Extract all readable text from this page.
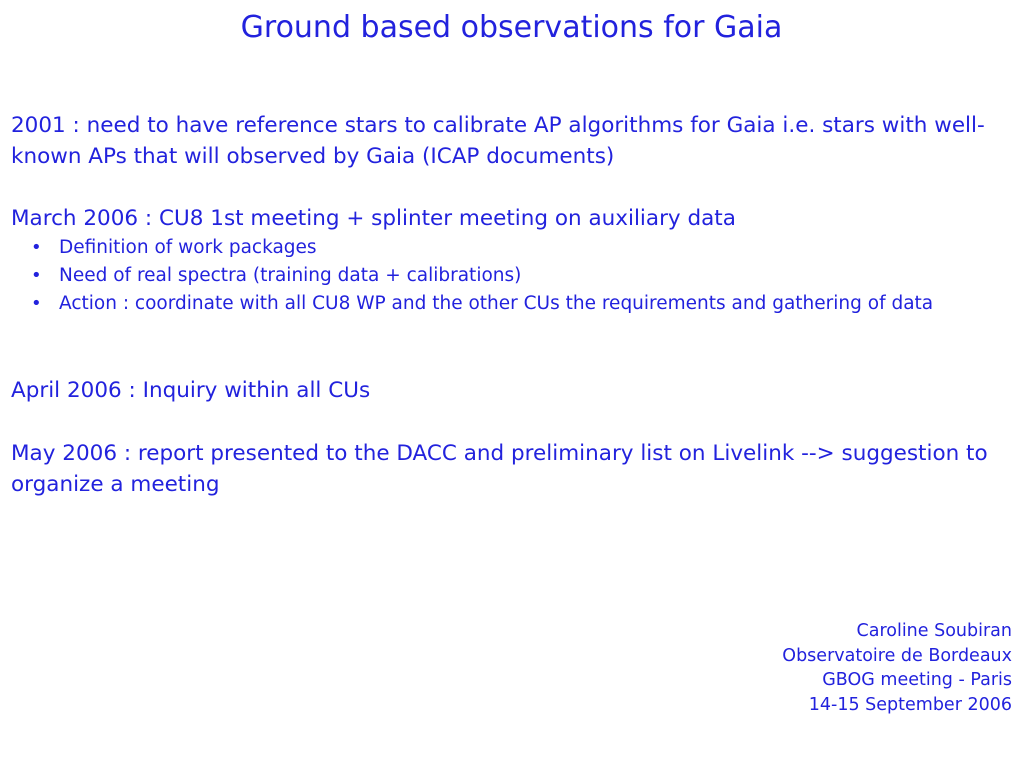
Ground based observations for Gaia

2001 : need to have reference stars to calibrate AP algorithms for Gaia i.e. stars with well-known APs that will observed by Gaia (ICAP documents)

March 2006 : CU8 1st meeting + splinter meeting on auxiliary data

• Definition of work packages
• Need of real spectra (training data + calibrations)
• Action : coordinate with all CU8 WP and the other CUs the requirements and gathering of data

April 2006 : Inquiry within all CUs

May 2006 : report presented to the DACC and preliminary list on Livelink --> suggestion to organize a meeting

Caroline Soubiran
Observatoire de Bordeaux
GBOG meeting - Paris
14-15 September 2006
